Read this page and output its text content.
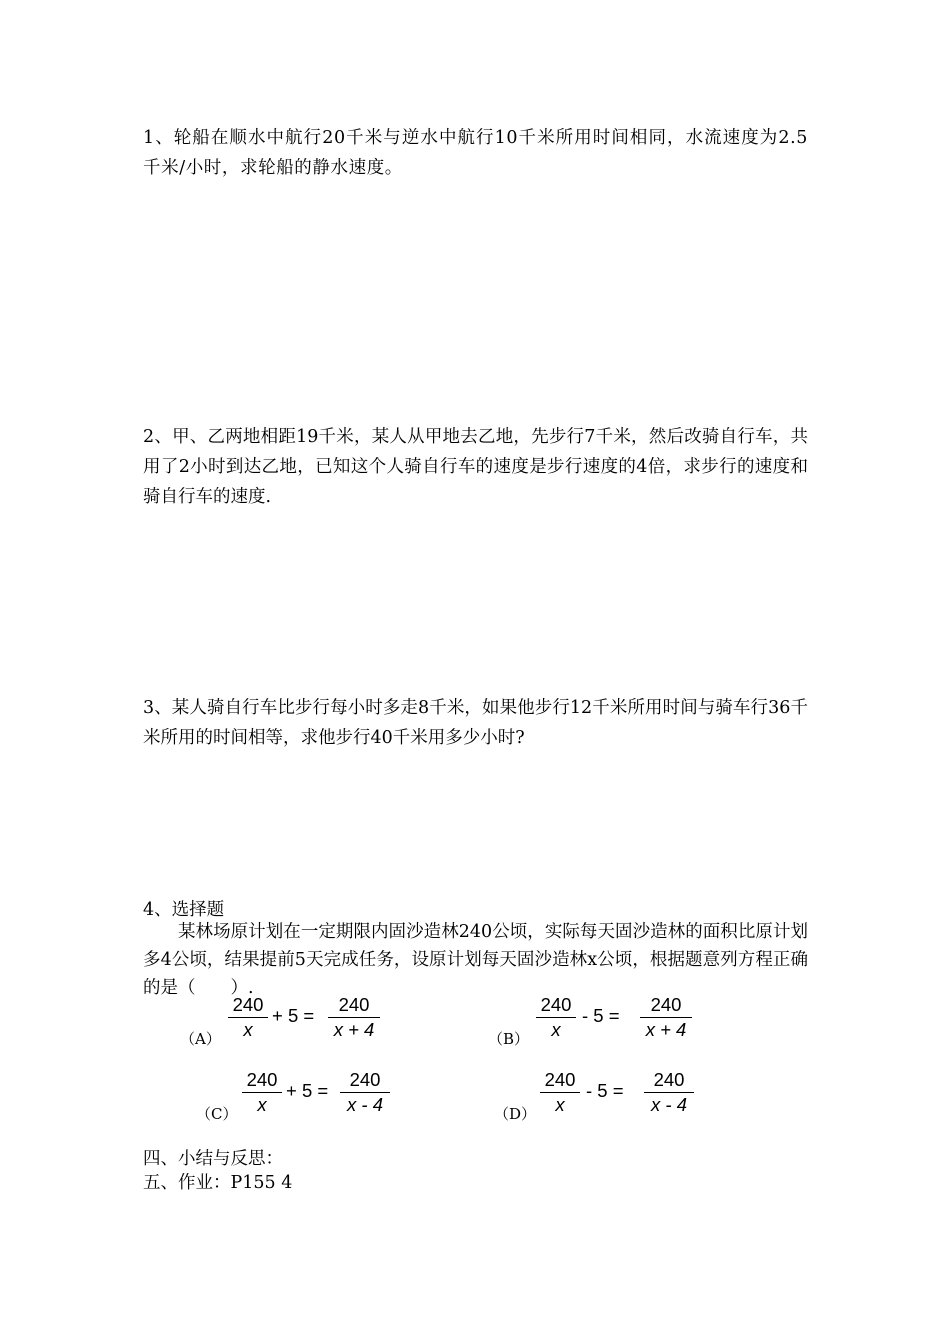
1、轮船在顺水中航行20千米与逆水中航行10千米所用时间相同，水流速度为2.5千米/小时，求轮船的静水速度。
2、甲、乙两地相距19千米，某人从甲地去乙地，先步行7千米，然后改骑自行车，共用了2小时到达乙地，已知这个人骑自行车的速度是步行速度的4倍，求步行的速度和骑自行车的速度.
3、某人骑自行车比步行每小时多走8千米，如果他步行12千米所用时间与骑车行36千米所用的时间相等，求他步行40千米用多少小时?
4、选择题
某林场原计划在一定期限内固沙造林240公顷，实际每天固沙造林的面积比原计划多4公顷，结果提前5天完成任务，设原计划每天固沙造林x公顷，根据题意列方程正确的是（　　）.
（A）
240
x
+ 5 =
240
x + 4	（B）
240
x
- 5 =
240
x + 4
（C）
240
x
+ 5 =
240
x - 4	（D）
240
x
- 5 =
240
x - 4
四、小结与反思：
五、作业：P155 4
